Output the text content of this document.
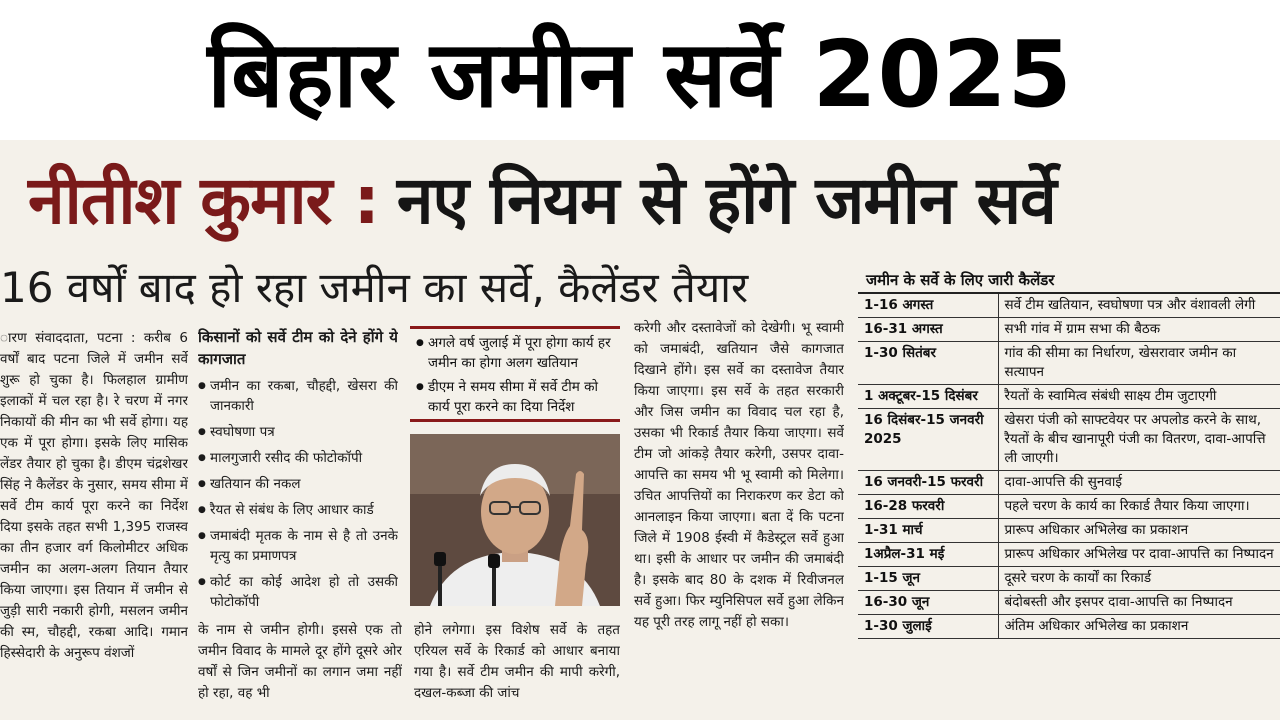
बिहार जमीन सर्वे 2025
नीतीश कुमार : नए नियम से होंगे जमीन सर्वे
16 वर्षों बाद हो रहा जमीन का सर्वे, कैलेंडर तैयार

ारण संवाददाता, पटना : करीब 6 वर्षों बाद पटना जिले में जमीन सर्वे शुरू हो चुका है। फिलहाल ग्रामीण इलाकों में चल रहा है। रे चरण में नगर निकायों की मीन का भी सर्वे होगा। यह एक में पूरा होगा। इसके लिए मासिक लेंडर तैयार हो चुका है। डीएम चंद्रशेखर सिंह ने कैलेंडर के नुसार, समय सीमा में सर्वे टीम कार्य पूरा करने का निर्देश दिया इसके तहत सभी 1,395 राजस्व का तीन हजार वर्ग किलोमीटर अधिक जमीन का अलग-अलग तियान तैयार किया जाएगा। इस तियान में जमीन से जुड़ी सारी नकारी होगी, मसलन जमीन की स्म, चौहद्दी, रकबा आदि। गमान हिस्सेदारी के अनुरूप वंशजों

किसानों को सर्वे टीम को देने होंगे ये कागजात
● जमीन का रकबा, चौहद्दी, खेसरा की जानकारी
● स्वघोषणा पत्र
● मालगुजारी रसीद की फोटोकॉपी
● खतियान की नकल
● रैयत से संबंध के लिए आधार कार्ड
● जमाबंदी मृतक के नाम से है तो उनके मृत्यु का प्रमाणपत्र
● कोर्ट का कोई आदेश हो तो उसकी फोटोकॉपी
● अगले वर्ष जुलाई में पूरा होगा कार्य हर जमीन का होगा अलग खतियान
● डीएम ने समय सीमा में सर्वे टीम को कार्य पूरा करने का दिया निर्देश

के नाम से जमीन होगी। इससे एक तो जमीन विवाद के मामले दूर होंगे दूसरे ओर वर्षों से जिन जमीनों का लगान जमा नहीं हो रहा, वह भी

होने लगेगा। इस विशेष सर्वे के तहत एरियल सर्वे के रिकार्ड को आधार बनाया गया है। सर्वे टीम जमीन की मापी करेगी, दखल-कब्जा की जांच

करेगी और दस्तावेजों को देखेगी। भू स्वामी को जमाबंदी, खतियान जैसे कागजात दिखाने होंगे। इस सर्वे का दस्तावेज तैयार किया जाएगा। इस सर्वे के तहत सरकारी और जिस जमीन का विवाद चल रहा है, उसका भी रिकार्ड तैयार किया जाएगा। सर्वे टीम जो आंकड़े तैयार करेगी, उसपर दावा-आपत्ति का समय भी भू स्वामी को मिलेगा। उचित आपत्तियों का निराकरण कर डेटा को आनलाइन किया जाएगा। बता दें कि पटना जिले में 1908 ईस्वी में कैडेस्ट्रल सर्वे हुआ था। इसी के आधार पर जमीन की जमाबंदी है। इसके बाद 80 के दशक में रिवीजनल सर्वे हुआ। फिर म्युनिसिपल सर्वे हुआ लेकिन यह पूरी तरह लागू नहीं हो सका।

जमीन के सर्वे के लिए जारी कैलेंडर
1-16 अगस्त	सर्वे टीम खतियान, स्वघोषणा पत्र और वंशावली लेगी
16-31 अगस्त	सभी गांव में ग्राम सभा की बैठक
1-30 सितंबर	गांव की सीमा का निर्धारण, खेसरावार जमीन का सत्यापन
1 अक्टूबर-15 दिसंबर	रैयतों के स्वामित्व संबंधी साक्ष्य टीम जुटाएगी
16 दिसंबर-15 जनवरी 2025	खेसरा पंजी को साफ्टवेयर पर अपलोड करने के साथ, रैयतों के बीच खानापूरी पंजी का वितरण, दावा-आपत्ति ली जाएगी।
16 जनवरी-15 फरवरी	दावा-आपत्ति की सुनवाई
16-28 फरवरी	पहले चरण के कार्य का रिकार्ड तैयार किया जाएगा।
1-31 मार्च	प्रारूप अधिकार अभिलेख का प्रकाशन
1अप्रैल-31 मई	प्रारूप अधिकार अभिलेख पर दावा-आपत्ति का निष्पादन
1-15 जून	दूसरे चरण के कार्यों का रिकार्ड
16-30 जून	बंदोबस्ती और इसपर दावा-आपत्ति का निष्पादन
1-30 जुलाई	अंतिम अधिकार अभिलेख का प्रकाशन
